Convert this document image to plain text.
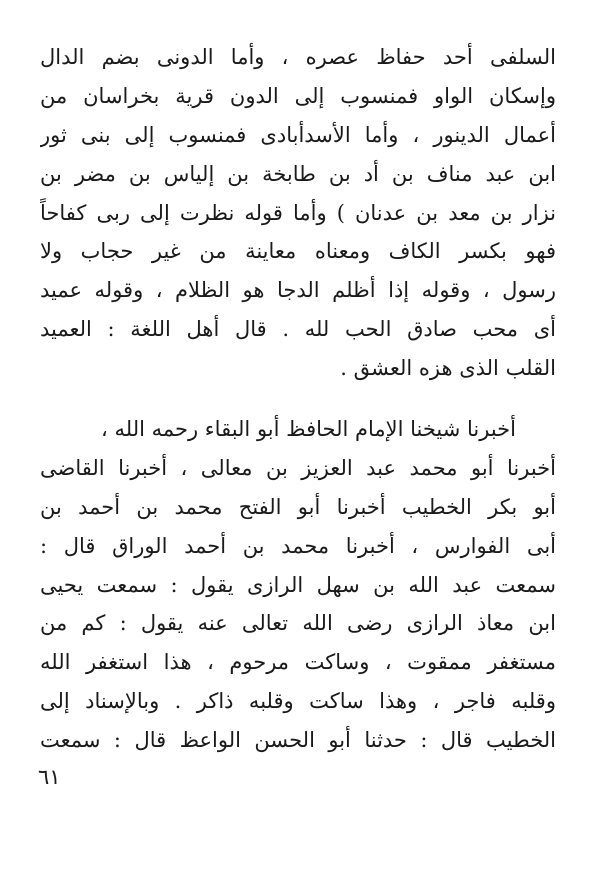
السلفى أحد حفاظ عصره ، وأما الدونى بضم الدال
وإسكان الواو فمنسوب إلى الدون قرية بخراسان من
أعمال الدينور ، وأما الأسدأبادى فمنسوب إلى بنى ثور
ابن عبد مناف بن أد بن طابخة بن إلياس بن مضر بن
نزار بن معد بن عدنان ) وأما قوله نظرت إلى ربى كفاحاً
فهو بكسر الكاف ومعناه معاينة من غير حجاب ولا
رسول ، وقوله إذا أظلم الدجا هو الظلام ، وقوله عميد
أى محب صادق الحب لله . قال أهل اللغة : العميد
القلب الذى هزه العشق .
أخبرنا شيخنا الإمام الحافظ أبو البقاء رحمه الله ،
أخبرنا أبو محمد عبد العزيز بن معالى ، أخبرنا القاضى
أبو بكر الخطيب أخبرنا أبو الفتح محمد بن أحمد بن
أبى الفوارس ، أخبرنا محمد بن أحمد الوراق قال :
سمعت عبد الله بن سهل الرازى يقول : سمعت يحيى
ابن معاذ الرازى رضى الله تعالى عنه يقول : كم من
مستغفر ممقوت ، وساكت مرحوم ، هذا استغفر الله
وقلبه فاجر ، وهذا ساكت وقلبه ذاكر . وبالإسناد إلى
الخطيب قال : حدثنا أبو الحسن الواعظ قال : سمعت
٦١
